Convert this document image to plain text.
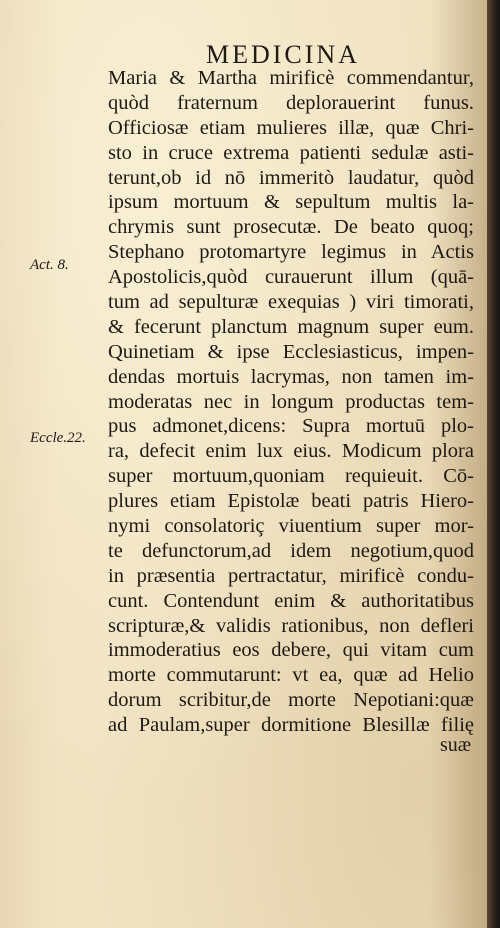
MEDICINA
Act. 8.
Eccle.22.
Maria & Martha mirificè commendantur,
quòd fraternum deplorauerint funus.
Officiosæ etiam mulieres illæ, quæ Chri-
sto in cruce extrema patienti sedulæ asti-
terunt,ob id nō immeritò laudatur, quòd
ipsum mortuum & sepultum multis la-
chrymis sunt prosecutæ. De beato quoq;
Stephano protomartyre legimus in Actis
Apostolicis,quòd curauerunt illum (quā-
tum ad sepulturæ exequias ) viri timorati,
& fecerunt planctum magnum super eum.
Quinetiam & ipse Ecclesiasticus, impen-
dendas mortuis lacrymas, non tamen im-
moderatas nec in longum productas tem-
pus admonet,dicens: Supra mortuū plo-
ra, defecit enim lux eius. Modicum plora
super mortuum,quoniam requieuit. Cō-
plures etiam Epistolæ beati patris Hiero-
nymi consolatoriç viuentium super mor-
te defunctorum,ad idem negotium,quod
in præsentia pertractatur, mirificè condu-
cunt. Contendunt enim & authoritatibus
scripturæ,& validis rationibus, non defleri
immoderatius eos debere, qui vitam cum
morte commutarunt: vt ea, quæ ad Helio
dorum scribitur,de morte Nepotiani:quæ
ad Paulam,super dormitione Blesillæ filię
suæ
